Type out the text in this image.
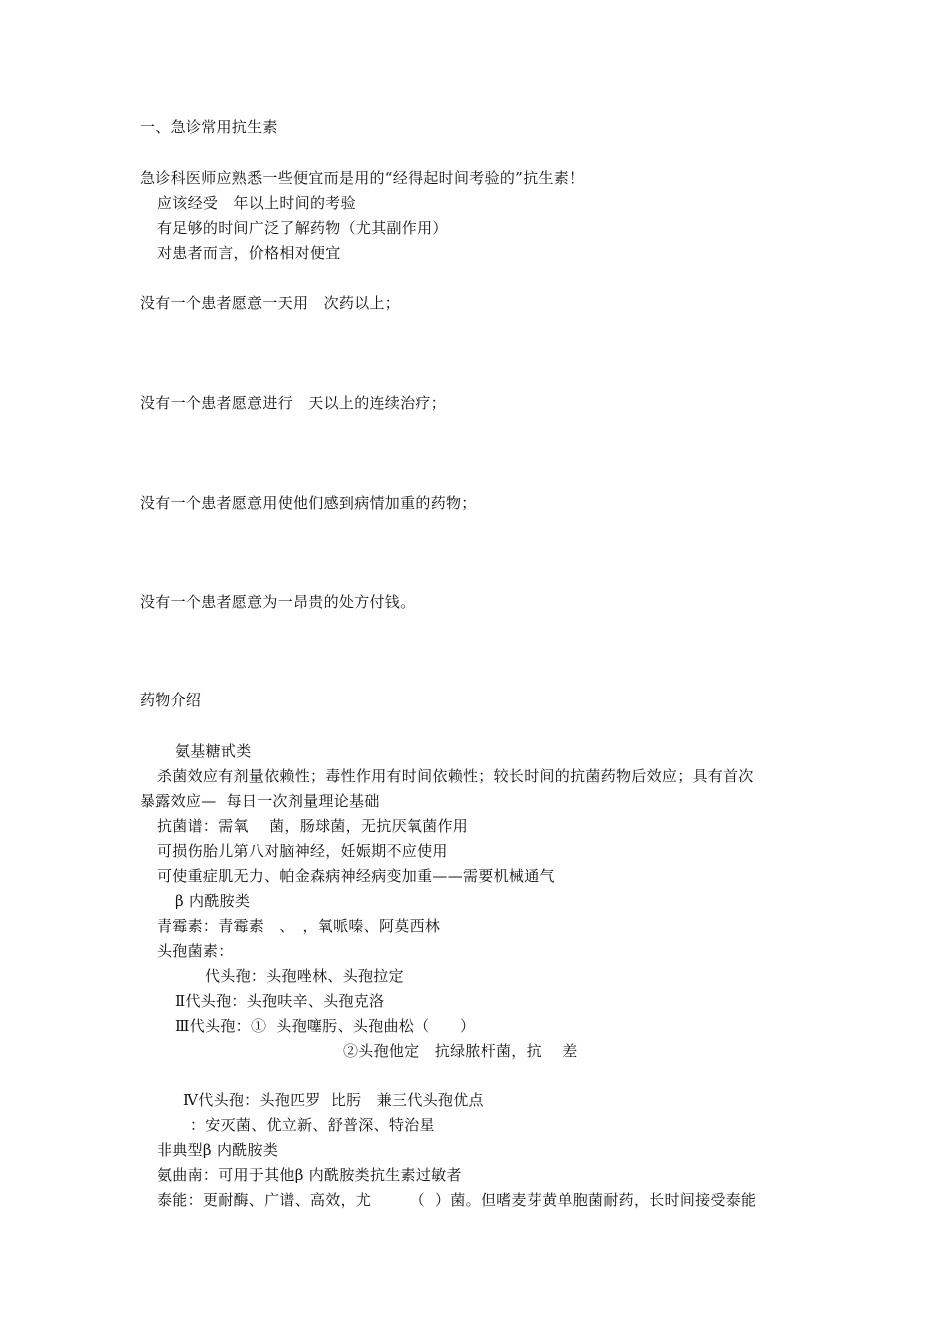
一、急诊常用抗生素
急诊科医师应熟悉一些便宜而是用的“经得起时间考验的”抗生素！
应该经受　年以上时间的考验
有足够的时间广泛了解药物（尤其副作用）
对患者而言，价格相对便宜
没有一个患者愿意一天用　次药以上；
没有一个患者愿意进行　天以上的连续治疗；
没有一个患者愿意用使他们感到病情加重的药物；
没有一个患者愿意为一昂贵的处方付钱。
药物介绍
氨基糖甙类
杀菌效应有剂量依赖性；毒性作用有时间依赖性；较长时间的抗菌药物后效应；具有首次
暴露效应—  每日一次剂量理论基础
抗菌谱：需氧　 菌，肠球菌，无抗厌氧菌作用
可损伤胎儿第八对脑神经，妊娠期不应使用
可使重症肌无力、帕金森病神经病变加重——需要机械通气
β 内酰胺类
青霉素：青霉素　、　，氧哌嗪、阿莫西林
头孢菌素：
代头孢：头孢唑林、头孢拉定
Ⅱ代头孢：头孢呋辛、头孢克洛
Ⅲ代头孢：①  头孢噻肟、头孢曲松（　　）
②头孢他定　抗绿脓杆菌，抗　 差
Ⅳ代头孢：头孢匹罗  比肟　兼三代头孢优点
：安灭菌、优立新、舒普深、特治星
非典型β 内酰胺类
氨曲南：可用于其他β 内酰胺类抗生素过敏者
泰能：更耐酶、广谱、高效，尤　　　（  ）菌。但嗜麦芽黄单胞菌耐药，长时间接受泰能
